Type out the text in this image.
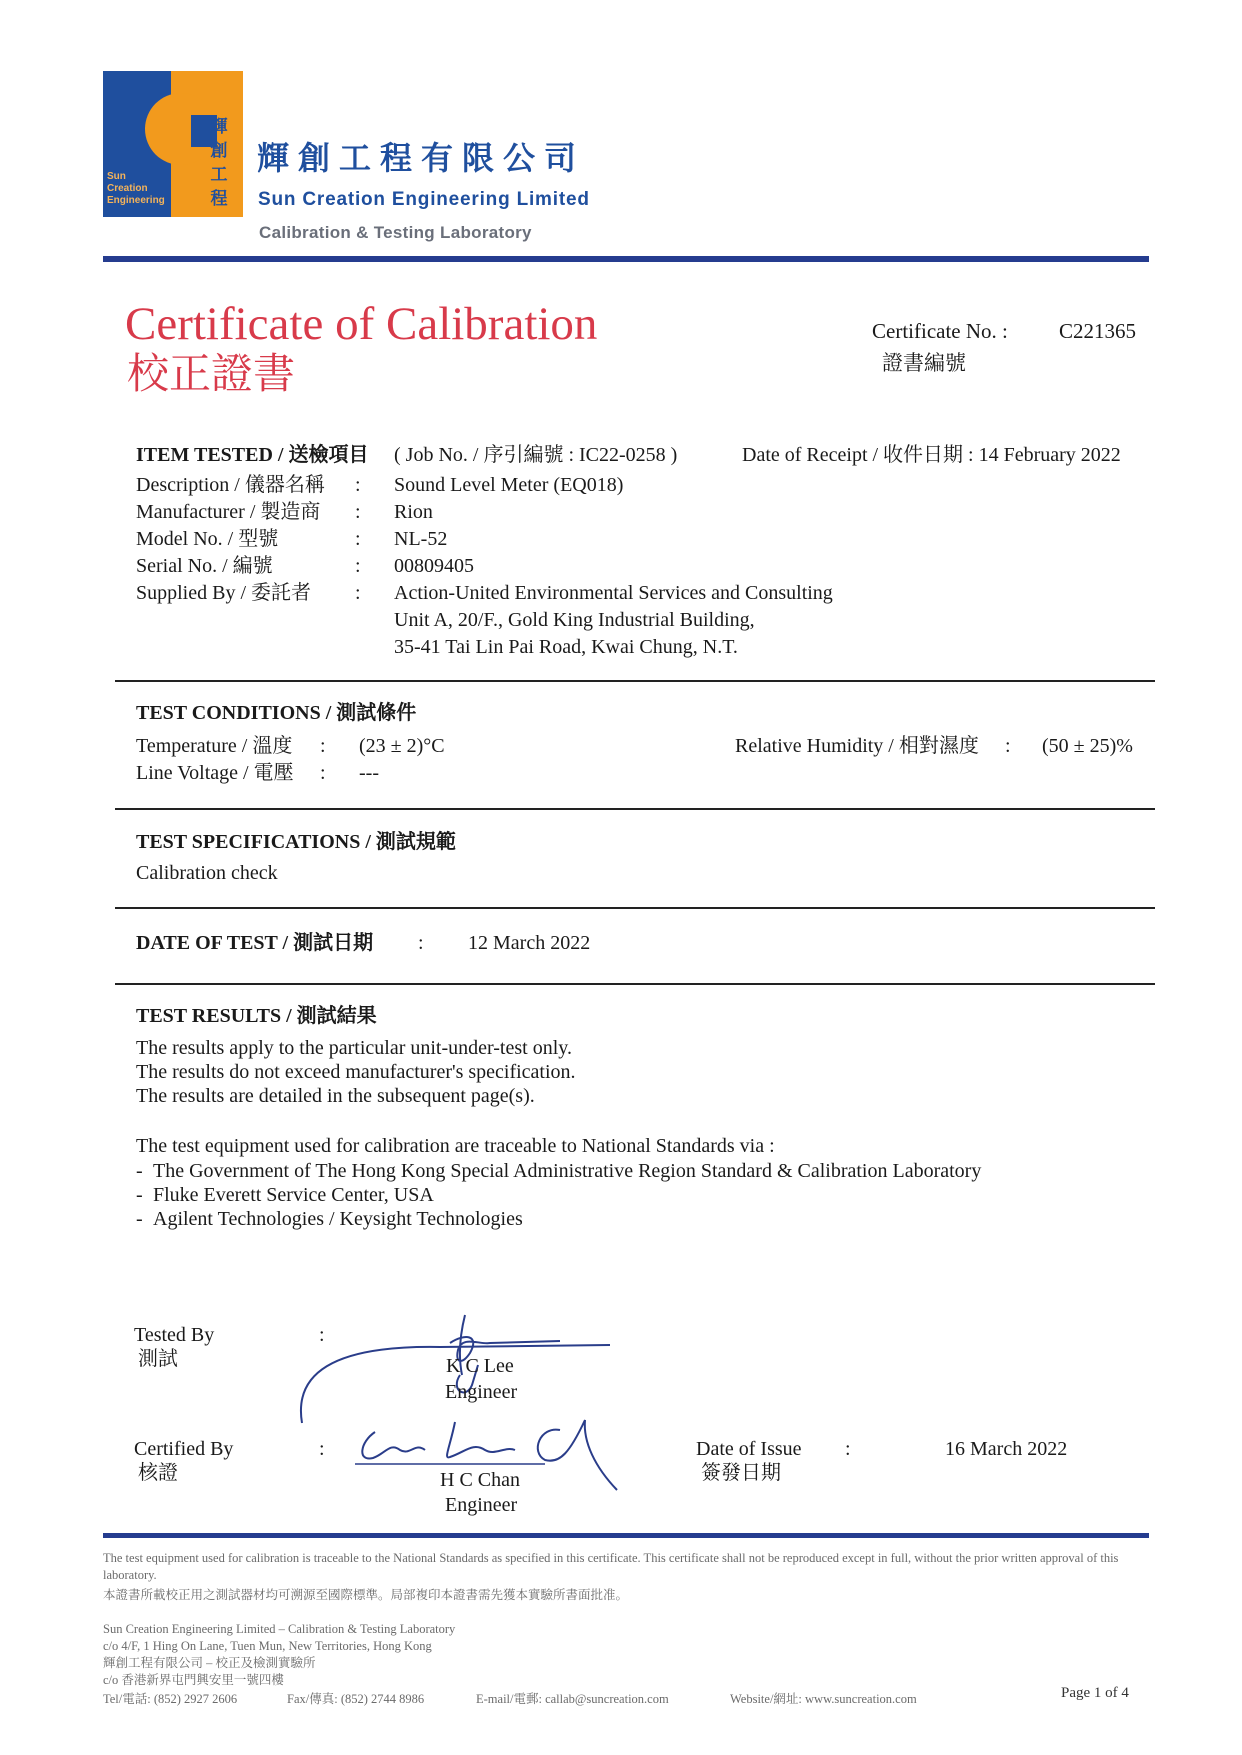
Sun
Creation
Engineering
輝
創
工
程
輝創工程有限公司
Sun Creation Engineering Limited
Calibration & Testing Laboratory
Certificate of Calibration
校正證書
Certificate No. : C221365
證書編號
ITEM TESTED / 送檢項目 ( Job No. / 序引編號 : IC22-0258 )	Date of Receipt / 收件日期 : 14 February 2022
Description / 儀器名稱 : Sound Level Meter (EQ018)
Manufacturer / 製造商 : Rion
Model No. / 型號	: NL-52
Serial No. / 編號	: 00809405
Supplied By / 委託者 : Action-United Environmental Services and Consulting
Unit A, 20/F., Gold King Industrial Building,
35-41 Tai Lin Pai Road, Kwai Chung, N.T.
TEST CONDITIONS / 測試條件
Temperature / 溫度 : (23 ± 2)°C	Relative Humidity / 相對濕度 : (50 ± 25)%
Line Voltage / 電壓 : ---
TEST SPECIFICATIONS / 測試規範
Calibration check
DATE OF TEST / 測試日期 : 12 March 2022
TEST RESULTS / 測試結果
The results apply to the particular unit-under-test only.
The results do not exceed manufacturer's specification.
The results are detailed in the subsequent page(s).
The test equipment used for calibration are traceable to National Standards via :
- The Government of The Hong Kong Special Administrative Region Standard & Calibration Laboratory
- Fluke Everett Service Center, USA
- Agilent Technologies / Keysight Technologies
Tested By
測試
:
K C Lee
Engineer
Certified By
核證
:
H C Chan
Engineer
Date of Issue
簽發日期
:	16 March 2022
The test equipment used for calibration is traceable to the National Standards as specified in this certificate. This certificate shall not be reproduced except in full, without the prior written approval of this laboratory.
本證書所載校正用之測試器材均可溯源至國際標準。局部複印本證書需先獲本實驗所書面批准。
Sun Creation Engineering Limited – Calibration & Testing Laboratory
c/o 4/F, 1 Hing On Lane, Tuen Mun, New Territories, Hong Kong
輝創工程有限公司 – 校正及檢測實驗所
c/o 香港新界屯門興安里一號四樓
Tel/電話: (852) 2927 2606	Fax/傳真: (852) 2744 8986	E-mail/電郵: callab@suncreation.com	Website/網址: www.suncreation.com	Page 1 of 4
